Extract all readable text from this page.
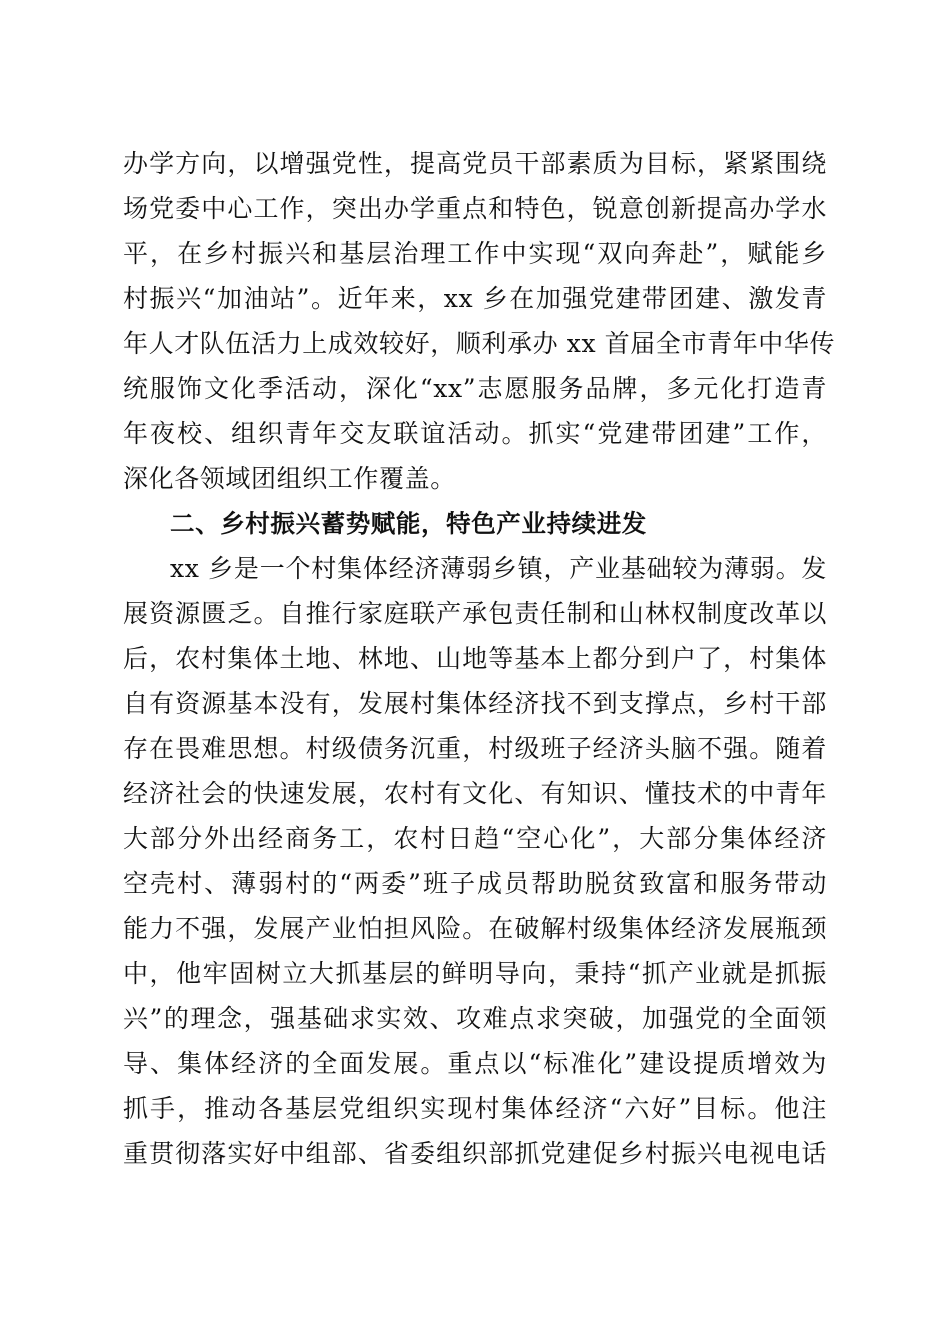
办学方向，以增强党性，提高党员干部素质为目标，紧紧围绕
场党委中心工作，突出办学重点和特色，锐意创新提高办学水
平，在乡村振兴和基层治理工作中实现“双向奔赴”，赋能乡
村振兴“加油站”。近年来，xx 乡在加强党建带团建、激发青
年人才队伍活力上成效较好，顺利承办 xx 首届全市青年中华传
统服饰文化季活动，深化“xx”志愿服务品牌，多元化打造青
年夜校、组织青年交友联谊活动。抓实“党建带团建”工作，
深化各领域团组织工作覆盖。
二、乡村振兴蓄势赋能，特色产业持续进发
xx 乡是一个村集体经济薄弱乡镇，产业基础较为薄弱。发
展资源匮乏。自推行家庭联产承包责任制和山林权制度改革以
后，农村集体土地、林地、山地等基本上都分到户了，村集体
自有资源基本没有，发展村集体经济找不到支撑点，乡村干部
存在畏难思想。村级债务沉重，村级班子经济头脑不强。随着
经济社会的快速发展，农村有文化、有知识、懂技术的中青年
大部分外出经商务工，农村日趋“空心化”，大部分集体经济
空壳村、薄弱村的“两委”班子成员帮助脱贫致富和服务带动
能力不强，发展产业怕担风险。在破解村级集体经济发展瓶颈
中，他牢固树立大抓基层的鲜明导向，秉持“抓产业就是抓振
兴”的理念，强基础求实效、攻难点求突破，加强党的全面领
导、集体经济的全面发展。重点以“标准化”建设提质增效为
抓手，推动各基层党组织实现村集体经济“六好”目标。他注
重贯彻落实好中组部、省委组织部抓党建促乡村振兴电视电话
